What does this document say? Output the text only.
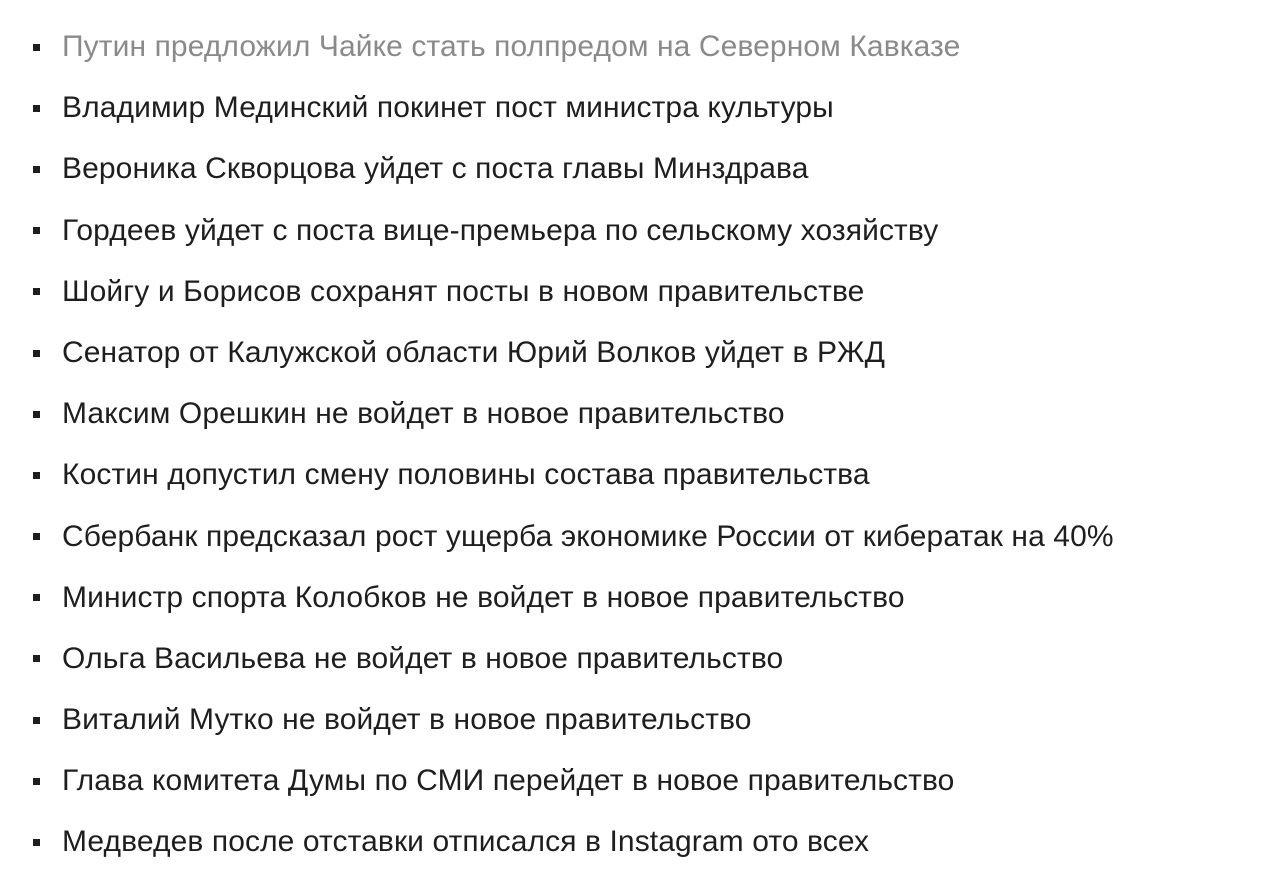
Путин предложил Чайке стать полпредом на Северном Кавказе
Владимир Мединский покинет пост министра культуры
Вероника Скворцова уйдет с поста главы Минздрава
Гордеев уйдет с поста вице-премьера по сельскому хозяйству
Шойгу и Борисов сохранят посты в новом правительстве
Сенатор от Калужской области Юрий Волков уйдет в РЖД
Максим Орешкин не войдет в новое правительство
Костин допустил смену половины состава правительства
Сбербанк предсказал рост ущерба экономике России от кибератак на 40%
Министр спорта Колобков не войдет в новое правительство
Ольга Васильева не войдет в новое правительство
Виталий Мутко не войдет в новое правительство
Глава комитета Думы по СМИ перейдет в новое правительство
Медведев после отставки отписался в Instagram ото всех
